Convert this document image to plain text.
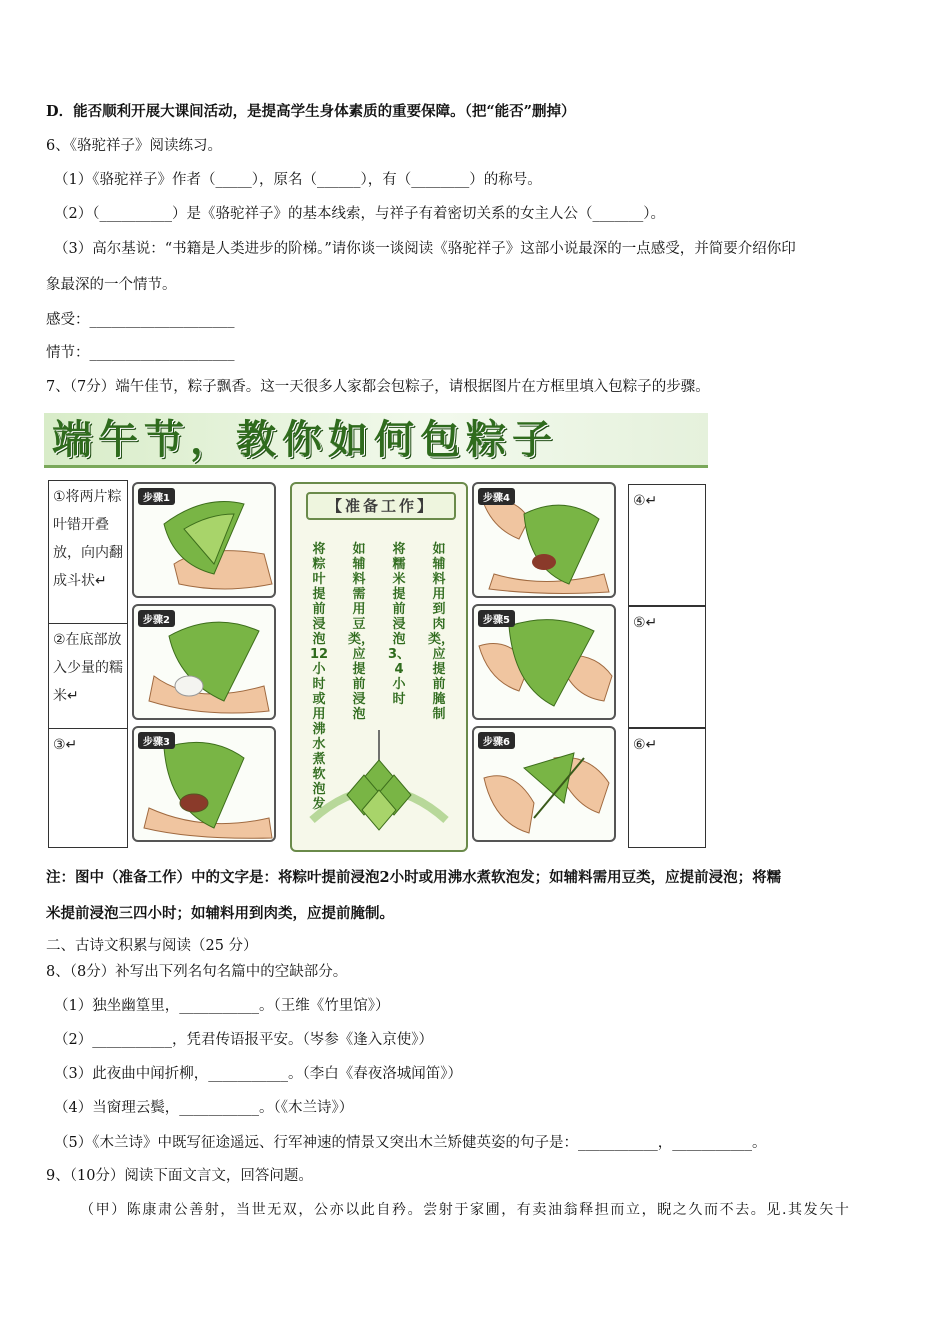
D．能否顺利开展大课间活动，是提高学生身体素质的重要保障。（把“能否”删掉）
6、《骆驼祥子》阅读练习。
（1）《骆驼祥子》作者（_____），原名（______），有（________）的称号。
（2）（__________）是《骆驼祥子》的基本线索，与祥子有着密切关系的女主人公（_______）。
（3）高尔基说：“书籍是人类进步的阶梯。”请你谈一谈阅读《骆驼祥子》这部小说最深的一点感受，并简要介绍你印
象最深的一个情节。
感受：____________________
情节：____________________
7、（7分）端午佳节，粽子飘香。这一天很多人家都会包粽子，请根据图片在方框里填入包粽子的步骤。
端午节，教你如何包粽子
①将两片粽叶错开叠放，向内翻成斗状↵
②在底部放入少量的糯米↵
③↵
④↵
⑤↵
⑥↵
步骤1
步骤2
步骤3
【准备工作】
将粽叶提前浸泡12小时或用沸水煮软泡发
如辅料需用豆类，应提前浸泡
将糯米提前浸泡3、4小时
如辅料用到肉类，应提前腌制
步骤4
步骤5
步骤6
注：图中（准备工作）中的文字是：将粽叶提前浸泡2小时或用沸水煮软泡发；如辅料需用豆类，应提前浸泡；将糯
米提前浸泡三四小时；如辅料用到肉类，应提前腌制。
二、古诗文积累与阅读（25 分）
8、（8分）补写出下列名句名篇中的空缺部分。
（1）独坐幽篁里，___________。（王维《竹里馆》）
（2）___________，凭君传语报平安。（岑参《逢入京使》）
（3）此夜曲中闻折柳，___________。（李白《春夜洛城闻笛》）
（4）当窗理云鬓，___________。（《木兰诗》）
（5）《木兰诗》中既写征途遥远、行军神速的情景又突出木兰矫健英姿的句子是：___________，___________。
9、（10分）阅读下面文言文，回答问题。
（甲）陈康肃公善射，当世无双，公亦以此自矜。尝射于家圃，有卖油翁释担而立，睨之久而不去。见.其发矢十
